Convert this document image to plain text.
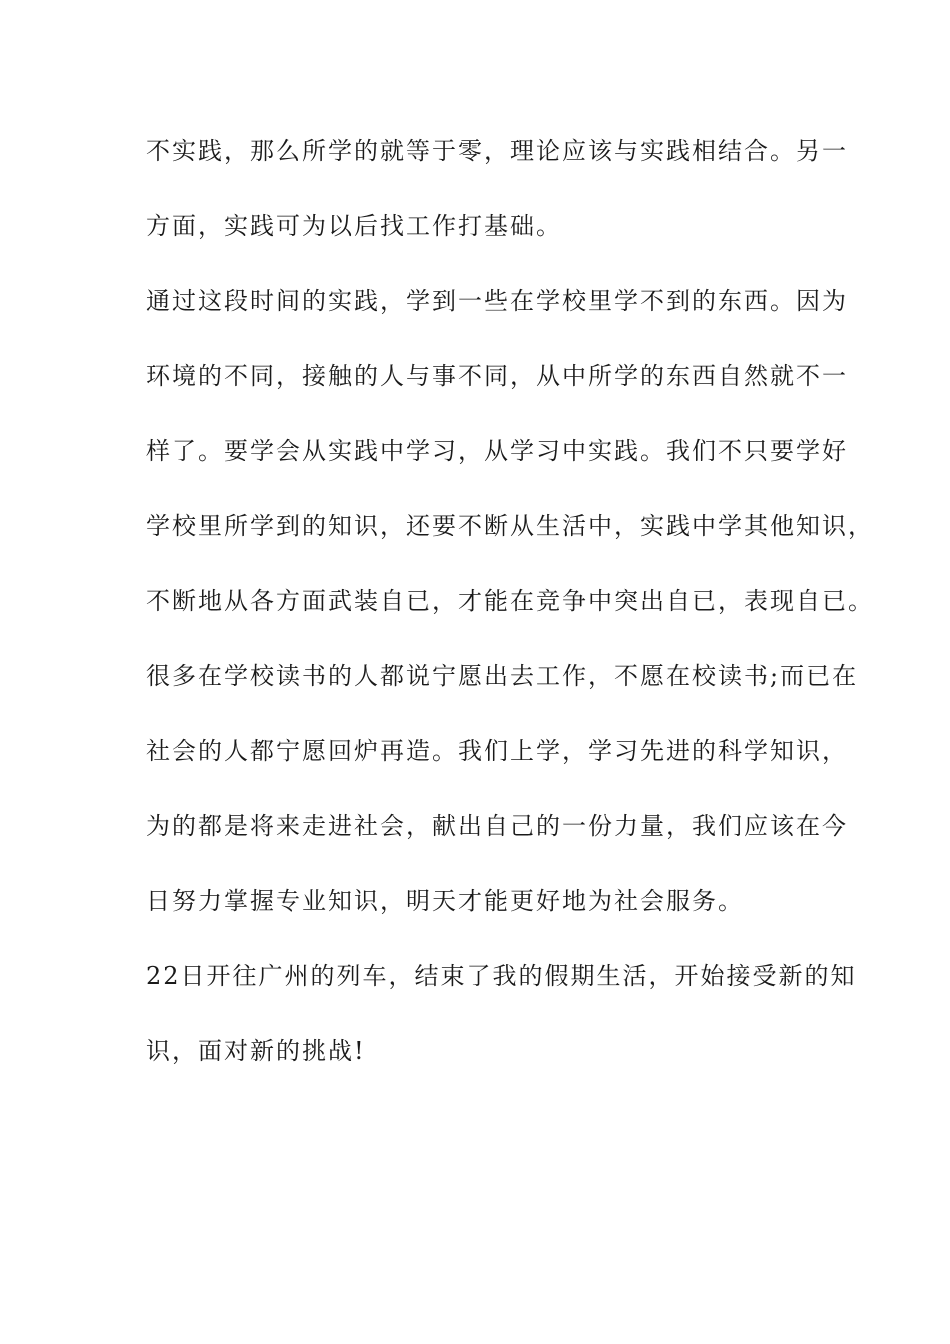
不实践，那么所学的就等于零，理论应该与实践相结合。另一
方面，实践可为以后找工作打基础。
通过这段时间的实践，学到一些在学校里学不到的东西。因为
环境的不同，接触的人与事不同，从中所学的东西自然就不一
样了。要学会从实践中学习，从学习中实践。我们不只要学好
学校里所学到的知识，还要不断从生活中，实践中学其他知识，
不断地从各方面武装自已，才能在竞争中突出自已，表现自已。
很多在学校读书的人都说宁愿出去工作，不愿在校读书;而已在
社会的人都宁愿回炉再造。我们上学，学习先进的科学知识，
为的都是将来走进社会，献出自己的一份力量，我们应该在今
日努力掌握专业知识，明天才能更好地为社会服务。
22日开往广州的列车，结束了我的假期生活，开始接受新的知
识，面对新的挑战!
